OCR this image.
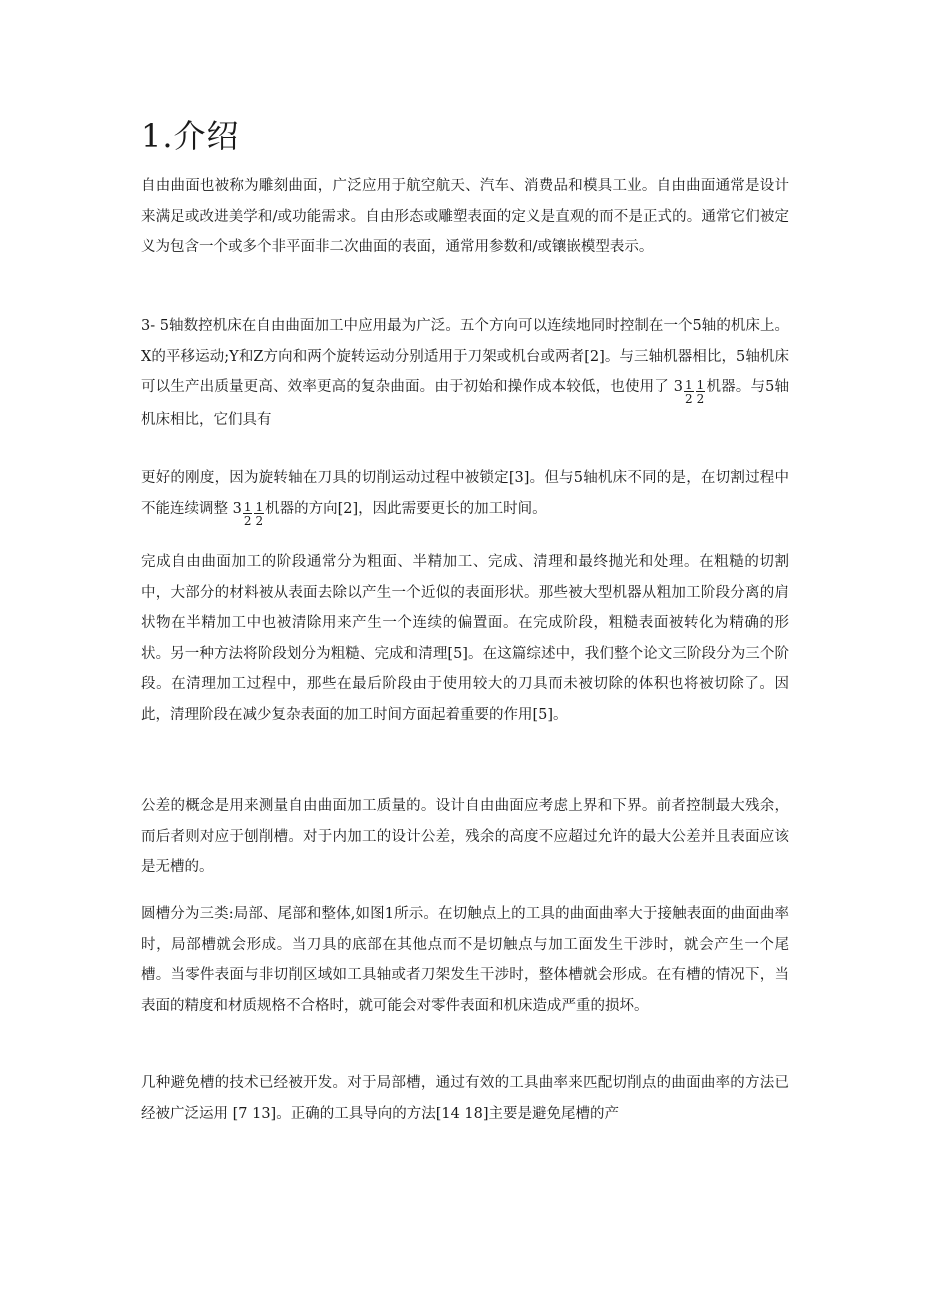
1.介绍

自由曲面也被称为雕刻曲面，广泛应用于航空航天、汽车、消费品和模具工业。自由曲面通常是设计来满足或改进美学和/或功能需求。自由形态或雕塑表面的定义是直观的而不是正式的。通常它们被定义为包含一个或多个非平面非二次曲面的表面，通常用参数和/或镶嵌模型表示。

3- 5轴数控机床在自由曲面加工中应用最为广泛。五个方向可以连续地同时控制在一个5轴的机床上。X的平移运动;Y和Z方向和两个旋转运动分别适用于刀架或机台或两者[2]。与三轴机器相比，5轴机床可以生产出质量更高、效率更高的复杂曲面。由于初始和操作成本较低，也使用了 $3 \frac{1}{2} \frac{1}{2}$ 机器。与5轴机床相比，它们具有

更好的刚度，因为旋转轴在刀具的切削运动过程中被锁定[3]。但与5轴机床不同的是，在切割过程中不能连续调整 $3 \frac{1}{2} \frac{1}{2}$ 机器的方向[2]，因此需要更长的加工时间。

完成自由曲面加工的阶段通常分为粗面、半精加工、完成、清理和最终抛光和处理。在粗糙的切割中，大部分的材料被从表面去除以产生一个近似的表面形状。那些被大型机器从粗加工阶段分离的肩状物在半精加工中也被清除用来产生一个连续的偏置面。在完成阶段，粗糙表面被转化为精确的形状。另一种方法将阶段划分为粗糙、完成和清理[5]。在这篇综述中，我们整个论文三阶段分为三个阶段。在清理加工过程中，那些在最后阶段由于使用较大的刀具而未被切除的体积也将被切除了。因此，清理阶段在减少复杂表面的加工时间方面起着重要的作用[5]。

公差的概念是用来测量自由曲面加工质量的。设计自由曲面应考虑上界和下界。前者控制最大残余，而后者则对应于刨削槽。对于内加工的设计公差，残余的高度不应超过允许的最大公差并且表面应该是无槽的。

圆槽分为三类:局部、尾部和整体,如图1所示。在切触点上的工具的曲面曲率大于接触表面的曲面曲率时，局部槽就会形成。当刀具的底部在其他点而不是切触点与加工面发生干涉时，就会产生一个尾槽。当零件表面与非切削区域如工具轴或者刀架发生干涉时，整体槽就会形成。在有槽的情况下，当表面的精度和材质规格不合格时，就可能会对零件表面和机床造成严重的损坏。

几种避免槽的技术已经被开发。对于局部槽，通过有效的工具曲率来匹配切削点的曲面曲率的方法已经被广泛运用 [7 13]。正确的工具导向的方法[14 18]主要是避免尾槽的产
